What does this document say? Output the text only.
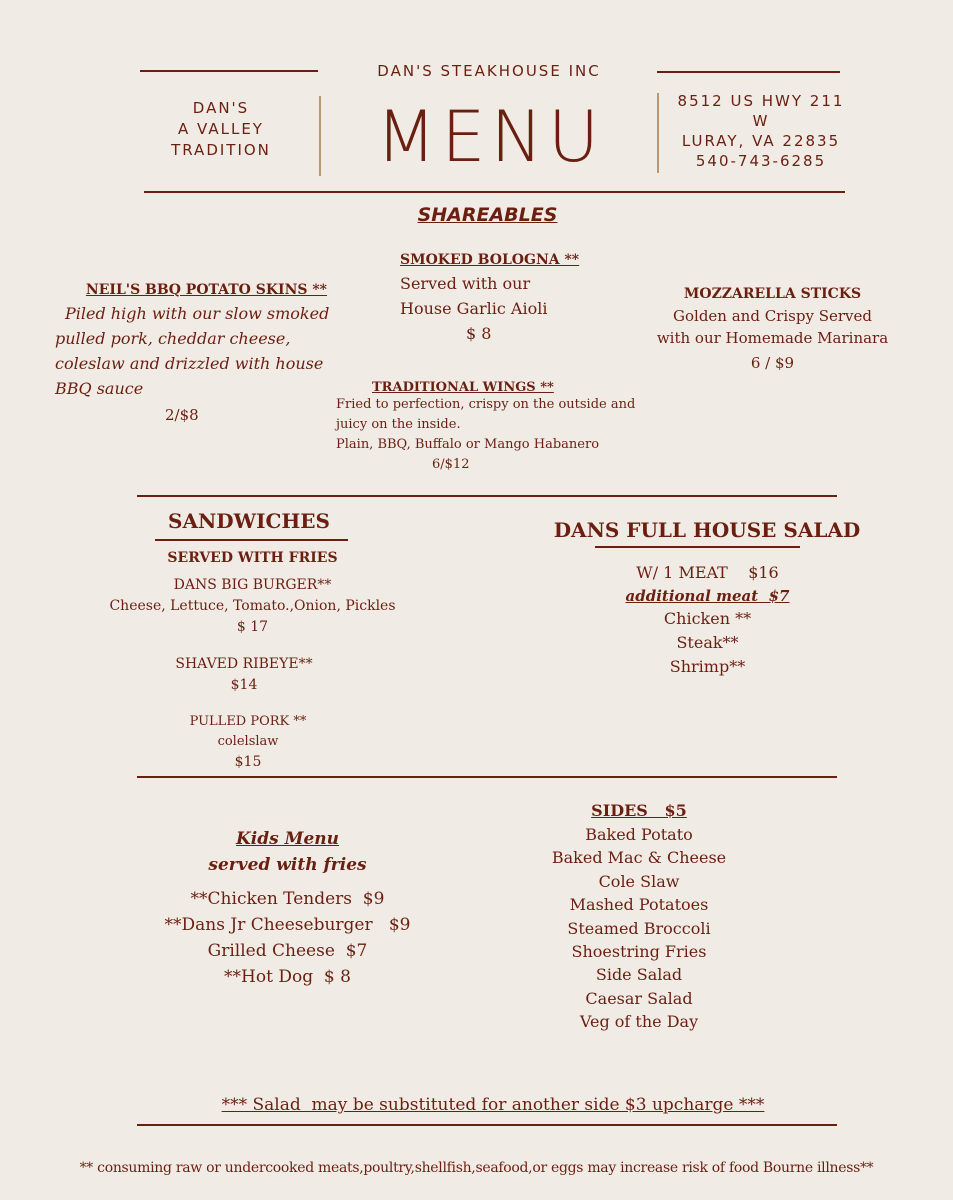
DAN'S STEAKHOUSE INC
DAN'S
A VALLEY
TRADITION	MENU	8512 US HWY 211
W
LURAY, VA 22835
540-743-6285
SHAREABLES
NEIL'S BBQ POTATO SKINS **
Piled high with our slow smoked
pulled pork, cheddar cheese,
coleslaw and drizzled with house
BBQ sauce
2/$8
SMOKED BOLOGNA **
Served with our
House Garlic Aioli
$ 8
MOZZARELLA STICKS
Golden and Crispy Served
with our Homemade Marinara
6 / $9
TRADITIONAL WINGS **
Fried to perfection, crispy on the outside and
juicy on the inside.
Plain, BBQ, Buffalo or Mango Habanero
6/$12
SANDWICHES
SERVED WITH FRIES
DANS BIG BURGER**
Cheese, Lettuce, Tomato.,Onion, Pickles
$ 17
SHAVED RIBEYE**
$14
PULLED PORK **
colelslaw
$15
DANS FULL HOUSE SALAD
W/ 1 MEAT    $16
additional meat  $7
Chicken **
Steak**
Shrimp**
Kids Menu
served with fries
**Chicken Tenders  $9
**Dans Jr Cheeseburger   $9
Grilled Cheese  $7
**Hot Dog  $ 8
SIDES   $5
Baked Potato
Baked Mac & Cheese
Cole Slaw
Mashed Potatoes
Steamed Broccoli
Shoestring Fries
Side Salad
Caesar Salad
Veg of the Day
*** Salad  may be substituted for another side $3 upcharge ***
** consuming raw or undercooked meats,poultry,shellfish,seafood,or eggs may increase risk of food Bourne illness**
